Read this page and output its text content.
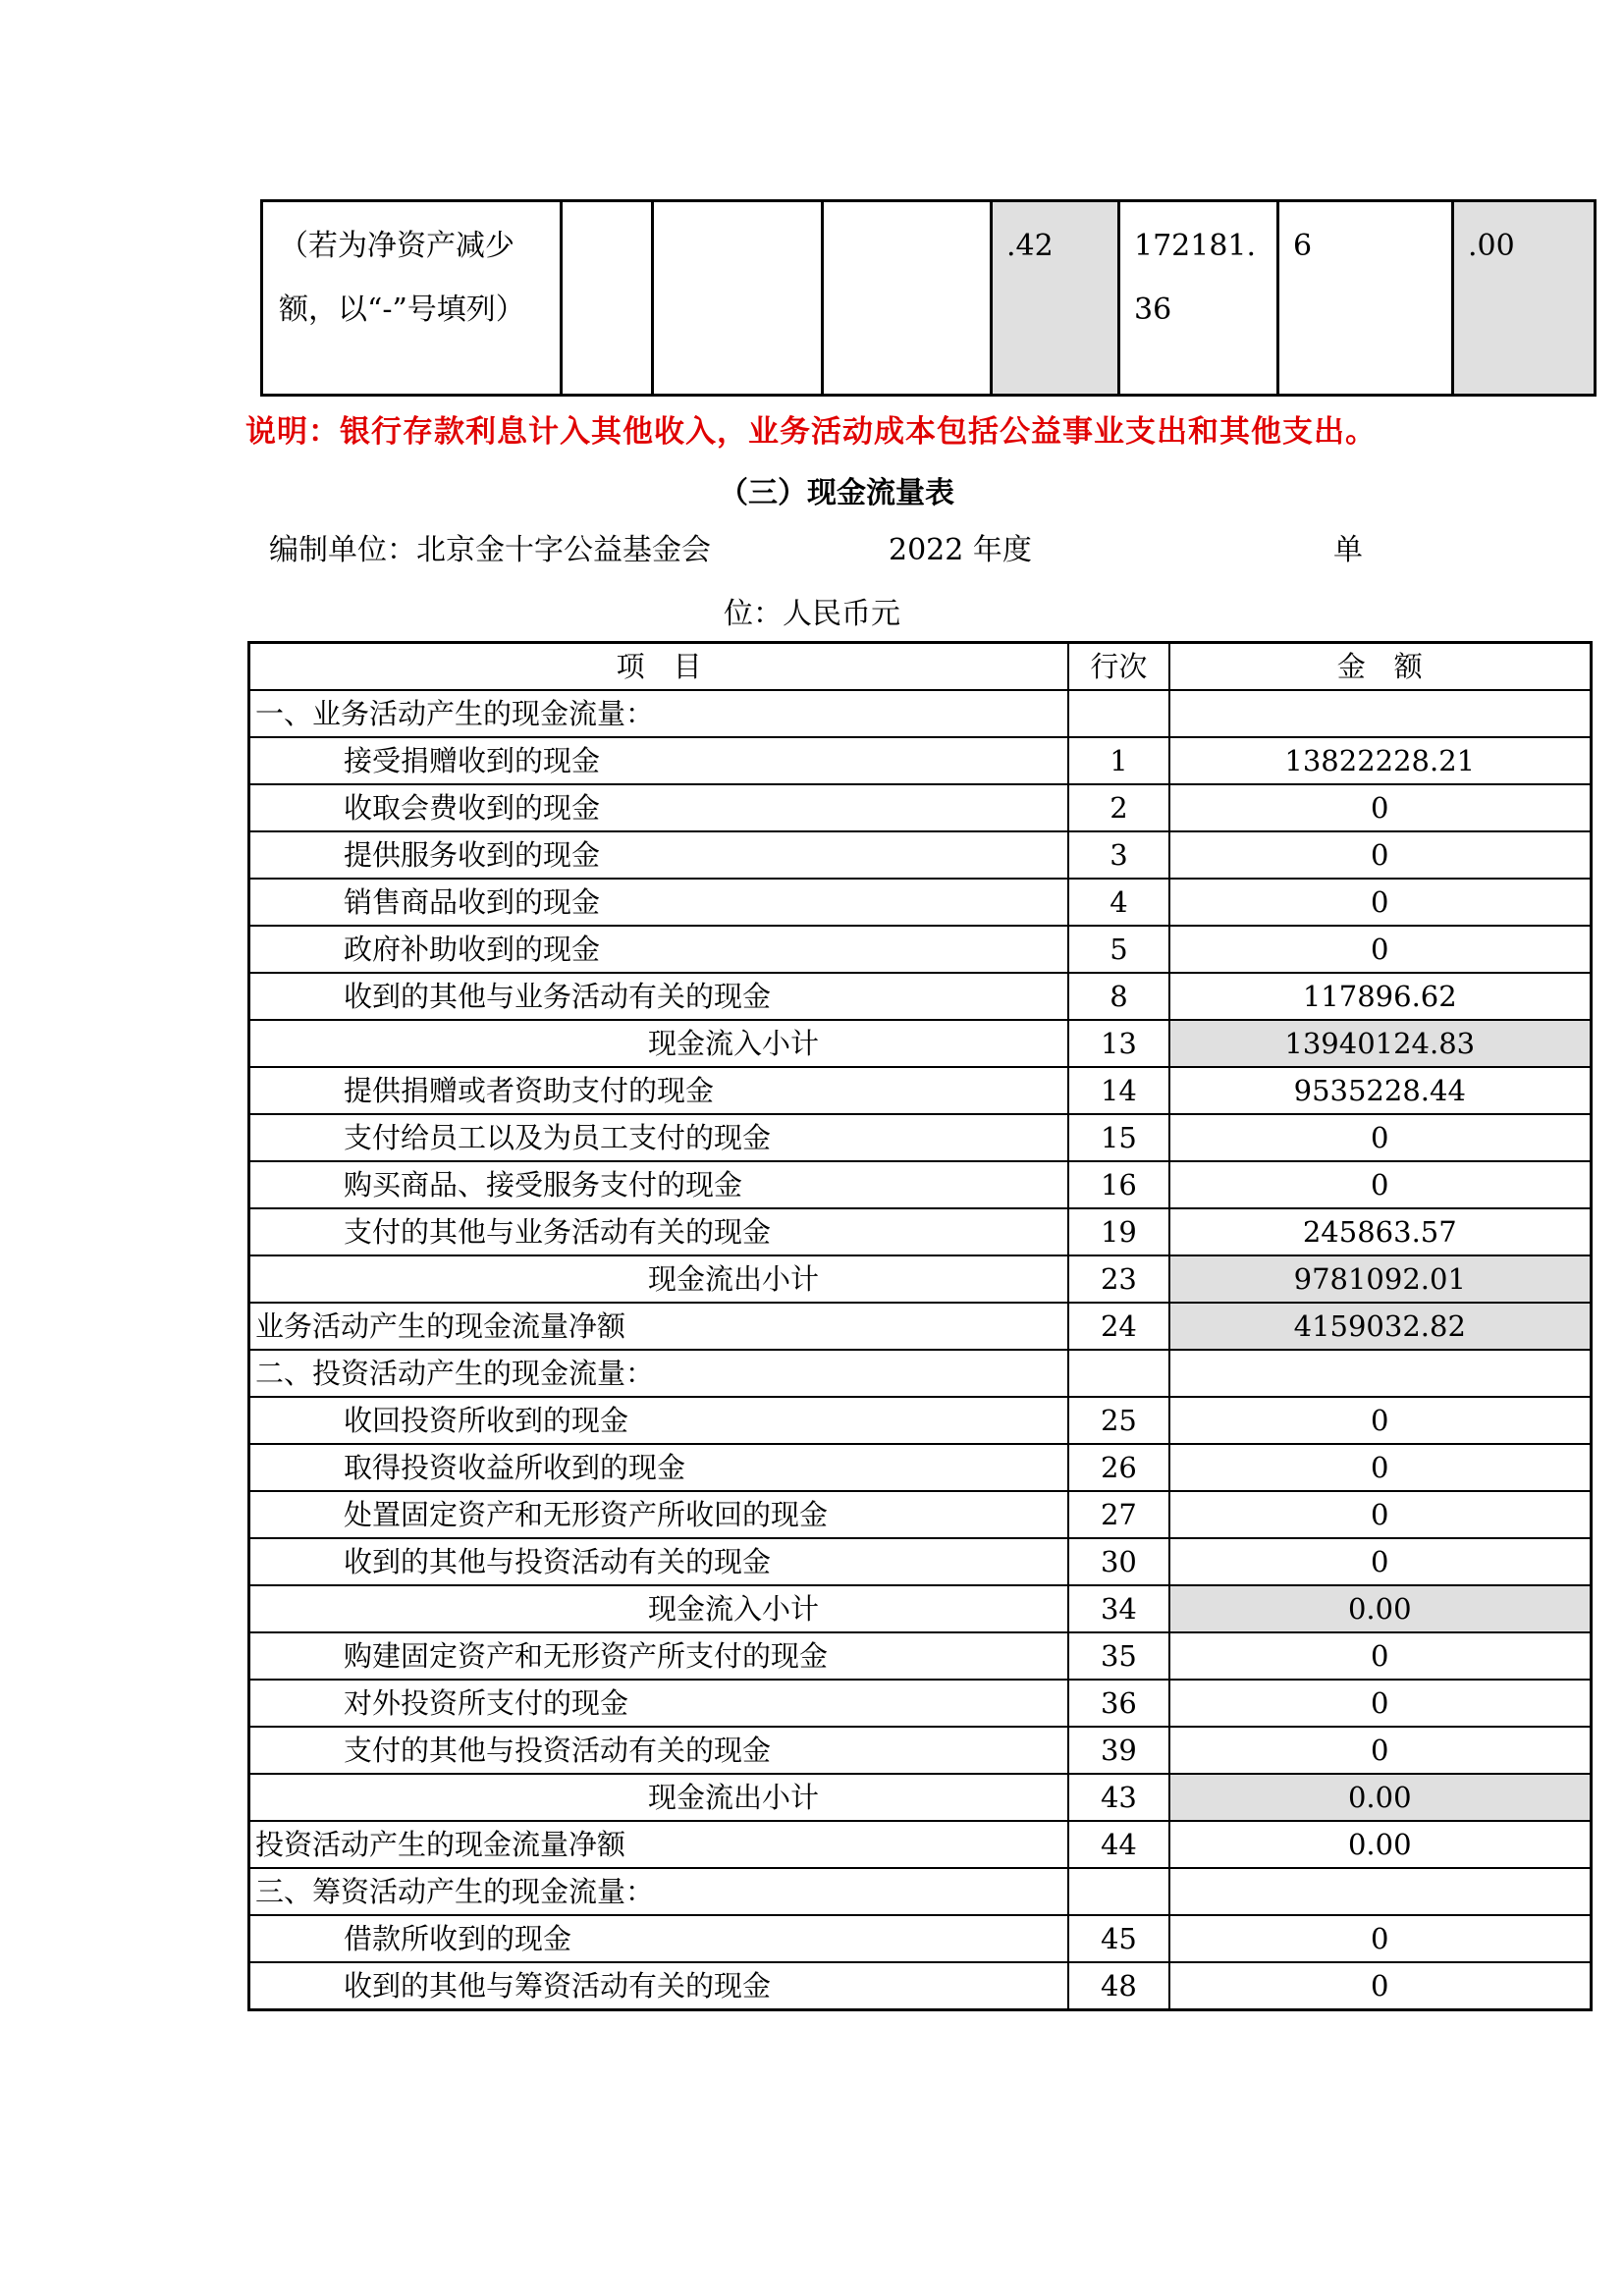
（若为净资产减少额，以“-”号填列）				.42	172181.36	6	.00
说明：银行存款利息计入其他收入，业务活动成本包括公益事业支出和其他支出。
（三）现金流量表
编制单位：北京金十字公益基金会	2022 年度	单
位：人民币元
项　目	行次	金　额
一、业务活动产生的现金流量：		
接受捐赠收到的现金	1	13822228.21
收取会费收到的现金	2	0
提供服务收到的现金	3	0
销售商品收到的现金	4	0
政府补助收到的现金	5	0
收到的其他与业务活动有关的现金	8	117896.62
现金流入小计	13	13940124.83
提供捐赠或者资助支付的现金	14	9535228.44
支付给员工以及为员工支付的现金	15	0
购买商品、接受服务支付的现金	16	0
支付的其他与业务活动有关的现金	19	245863.57
现金流出小计	23	9781092.01
业务活动产生的现金流量净额	24	4159032.82
二、投资活动产生的现金流量：		
收回投资所收到的现金	25	0
取得投资收益所收到的现金	26	0
处置固定资产和无形资产所收回的现金	27	0
收到的其他与投资活动有关的现金	30	0
现金流入小计	34	0.00
购建固定资产和无形资产所支付的现金	35	0
对外投资所支付的现金	36	0
支付的其他与投资活动有关的现金	39	0
现金流出小计	43	0.00
投资活动产生的现金流量净额	44	0.00
三、筹资活动产生的现金流量：		
借款所收到的现金	45	0
收到的其他与筹资活动有关的现金	48	0
